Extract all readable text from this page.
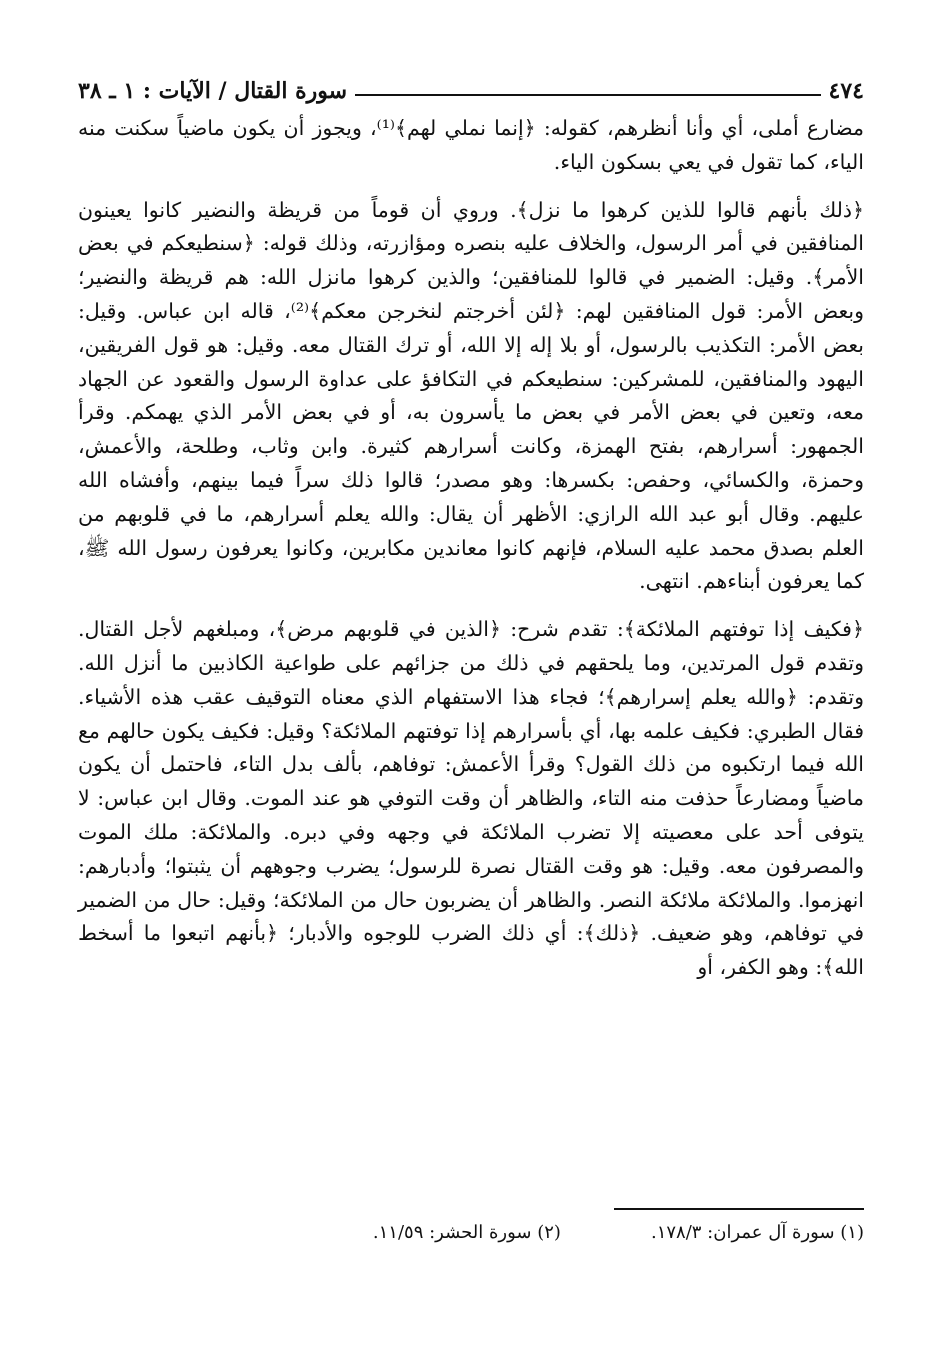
٤٧٤
سورة القتال / الآيات : ١ ـ ٣٨

مضارع أملى، أي وأنا أنظرهم، كقوله: ﴿إنما نملي لهم﴾⁽¹⁾، ويجوز أن يكون ماضياً سكنت منه الياء، كما تقول في يعي بسكون الياء.

﴿ذلك بأنهم قالوا للذين كرهوا ما نزل﴾. وروي أن قوماً من قريظة والنضير كانوا يعينون المنافقين في أمر الرسول، والخلاف عليه بنصره ومؤازرته، وذلك قوله: ﴿سنطيعكم في بعض الأمر﴾. وقيل: الضمير في قالوا للمنافقين؛ والذين كرهوا مانزل الله: هم قريظة والنضير؛ وبعض الأمر: قول المنافقين لهم: ﴿لئن أخرجتم لنخرجن معكم﴾⁽²⁾، قاله ابن عباس. وقيل: بعض الأمر: التكذيب بالرسول، أو بلا إله إلا الله، أو ترك القتال معه. وقيل: هو قول الفريقين، اليهود والمنافقين، للمشركين: سنطيعكم في التكافؤ على عداوة الرسول والقعود عن الجهاد معه، وتعين في بعض الأمر في بعض ما يأسرون به، أو في بعض الأمر الذي يهمكم. وقرأ الجمهور: أسرارهم، بفتح الهمزة، وكانت أسرارهم كثيرة. وابن وثاب، وطلحة، والأعمش، وحمزة، والكسائي، وحفص: بكسرها: وهو مصدر؛ قالوا ذلك سراً فيما بينهم، وأفشاه الله عليهم. وقال أبو عبد الله الرازي: الأظهر أن يقال: والله يعلم أسرارهم، ما في قلوبهم من العلم بصدق محمد عليه السلام، فإنهم كانوا معاندين مكابرين، وكانوا يعرفون رسول الله ﷺ، كما يعرفون أبناءهم. انتهى.

﴿فكيف إذا توفتهم الملائكة﴾: تقدم شرح: ﴿الذين في قلوبهم مرض﴾، ومبلغهم لأجل القتال. وتقدم قول المرتدين، وما يلحقهم في ذلك من جزائهم على طواعية الكاذبين ما أنزل الله. وتقدم: ﴿والله يعلم إسرارهم﴾؛ فجاء هذا الاستفهام الذي معناه التوقيف عقب هذه الأشياء. فقال الطبري: فكيف علمه بها، أي بأسرارهم إذا توفتهم الملائكة؟ وقيل: فكيف يكون حالهم مع الله فيما ارتكبوه من ذلك القول؟ وقرأ الأعمش: توفاهم، بألف بدل التاء، فاحتمل أن يكون ماضياً ومضارعاً حذفت منه التاء، والظاهر أن وقت التوفي هو عند الموت. وقال ابن عباس: لا يتوفى أحد على معصيته إلا تضرب الملائكة في وجهه وفي دبره. والملائكة: ملك الموت والمصرفون معه. وقيل: هو وقت القتال نصرة للرسول؛ يضرب وجوههم أن يثبتوا؛ وأدبارهم: انهزموا. والملائكة ملائكة النصر. والظاهر أن يضربون حال من الملائكة؛ وقيل: حال من الضمير في توفاهم، وهو ضعيف. ﴿ذلك﴾: أي ذلك الضرب للوجوه والأدبار؛ ﴿بأنهم اتبعوا ما أسخط الله﴾: وهو الكفر، أو

(١) سورة آل عمران: ١٧٨/٣.
(٢) سورة الحشر: ١١/٥٩.
